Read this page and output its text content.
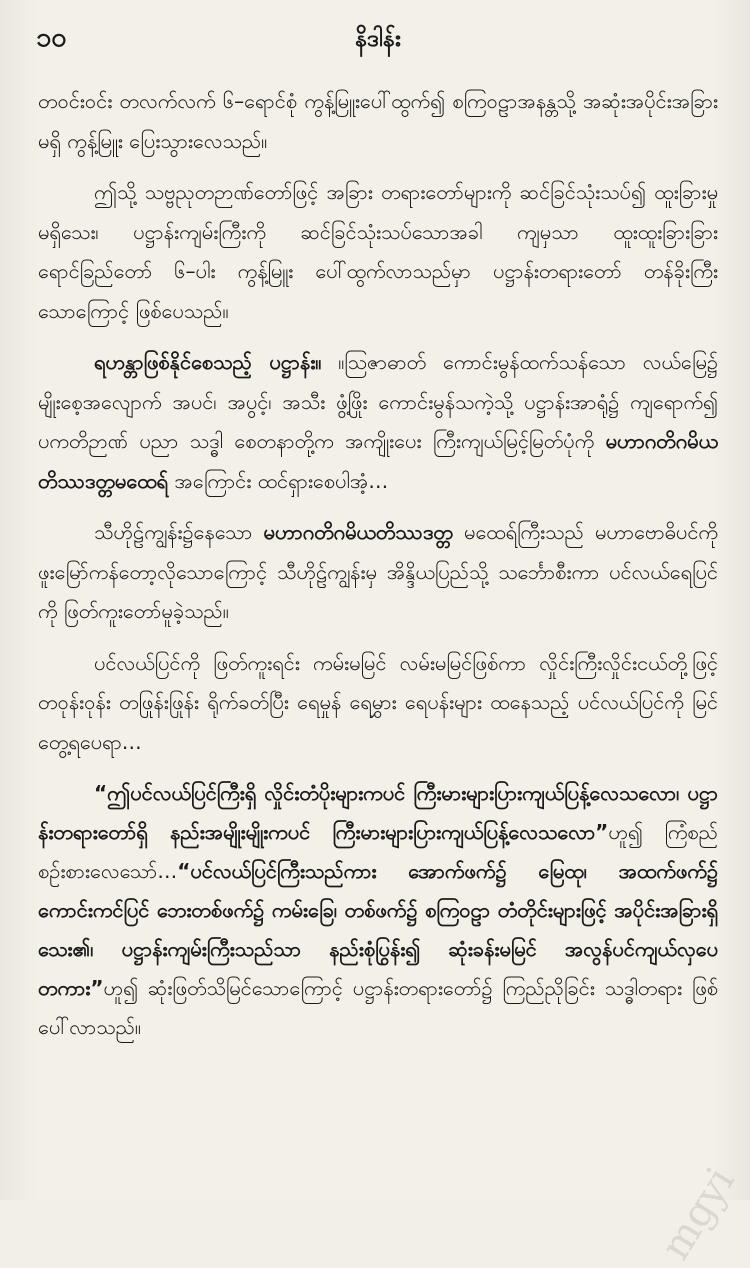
၁၀	နိဒါန်း

တဝင်းဝင်း တလက်လက် ၆–ရောင်စုံ ကွန့်မြူးပေါ်ထွက်၍ စကြဝဠာအနန္တသို့ အဆုံးအပိုင်းအခြားမရှိ ကွန့်မြူး ပြေးသွားလေသည်။

ဤသို့ သဗ္ဗညုတဉာဏ်တော်ဖြင့် အခြား တရားတော်များကို ဆင်ခြင်သုံးသပ်၍ ထူးခြားမှု မရှိသေး၊ ပဋ္ဌာန်းကျမ်းကြီးကို ဆင်ခြင်သုံးသပ်သောအခါ ကျမှသာ ထူးထူးခြားခြား ရောင်ခြည်တော် ၆–ပါး ကွန့်မြူး ပေါ်ထွက်လာသည်မှာ ပဋ္ဌာန်းတရားတော် တန်ခိုးကြီးသောကြောင့် ဖြစ်ပေသည်။

ရဟန္တာဖြစ်နိုင်စေသည့် ပဋ္ဌာန်း။ ။သြဇာဓာတ် ကောင်းမွန်ထက်သန်သော လယ်မြေ၌ မျိုးစေ့အလျောက် အပင်၊ အပွင့်၊ အသီး ဖွံ့ဖြိုး ကောင်းမွန်သကဲ့သို့ ပဋ္ဌာန်းအာရုံ၌ ကျရောက်၍ ပကတိဉာဏ် ပညာ သဒ္ဓါ စေတနာတို့က အကျိုးပေး ကြီးကျယ်မြင့်မြတ်ပုံကို မဟာဂတိဂမိယတိဿဒတ္တမထေရ် အကြောင်း ထင်ရှားစေပါအံ့…

သီဟိုဠ်ကျွန်း၌နေသော မဟာဂတိဂမိယတိဿဒတ္တ မထေရ်ကြီးသည် မဟာဗောဓိပင်ကို ဖူးမြော်ကန်တော့လိုသောကြောင့် သီဟိုဠ်ကျွန်းမှ အိန္ဒိယပြည်သို့ သင်္ဘောစီးကာ ပင်လယ်ရေပြင်ကို ဖြတ်ကူးတော်မူခဲ့သည်။

ပင်လယ်ပြင်ကို ဖြတ်ကူးရင်း ကမ်းမမြင် လမ်းမမြင်ဖြစ်ကာ လှိုင်းကြီးလှိုင်းငယ်တို့ဖြင့် တဝုန်းဝုန်း တဖြုန်းဖြုန်း ရိုက်ခတ်ပြီး ရေမှုန် ရေမွှား ရေပန်းများ ထနေသည့် ပင်လယ်ပြင်ကို မြင်တွေ့ရပေရာ…

“ဤပင်လယ်ပြင်ကြီးရှိ လှိုင်းတံပိုးများကပင် ကြီးမားများပြားကျယ်ပြန့်လေသလော၊ ပဋ္ဌာန်းတရားတော်ရှိ နည်းအမျိုးမျိုးကပင် ကြီးမားများပြားကျယ်ပြန့်လေသလော”ဟူ၍ ကြံစည်စဉ်းစားလေသော်…“ပင်လယ်ပြင်ကြီးသည်ကား အောက်ဖက်၌ မြေထု၊ အထက်ဖက်၌ ကောင်းကင်ပြင် ဘေးတစ်ဖက်၌ ကမ်းခြေ၊ တစ်ဖက်၌ စကြဝဠာ တံတိုင်းများဖြင့် အပိုင်းအခြားရှိသေး၏၊ ပဋ္ဌာန်းကျမ်းကြီးသည်သာ နည်းစုံပြွန်း၍ ဆုံးခန်းမမြင် အလွန်ပင်ကျယ်လှပေတကား”ဟူ၍ ဆုံးဖြတ်သိမြင်သောကြောင့် ပဋ္ဌာန်းတရားတော်၌ ကြည်ညိုခြင်း သဒ္ဓါတရား ဖြစ်ပေါ်လာသည်။

mgyi
